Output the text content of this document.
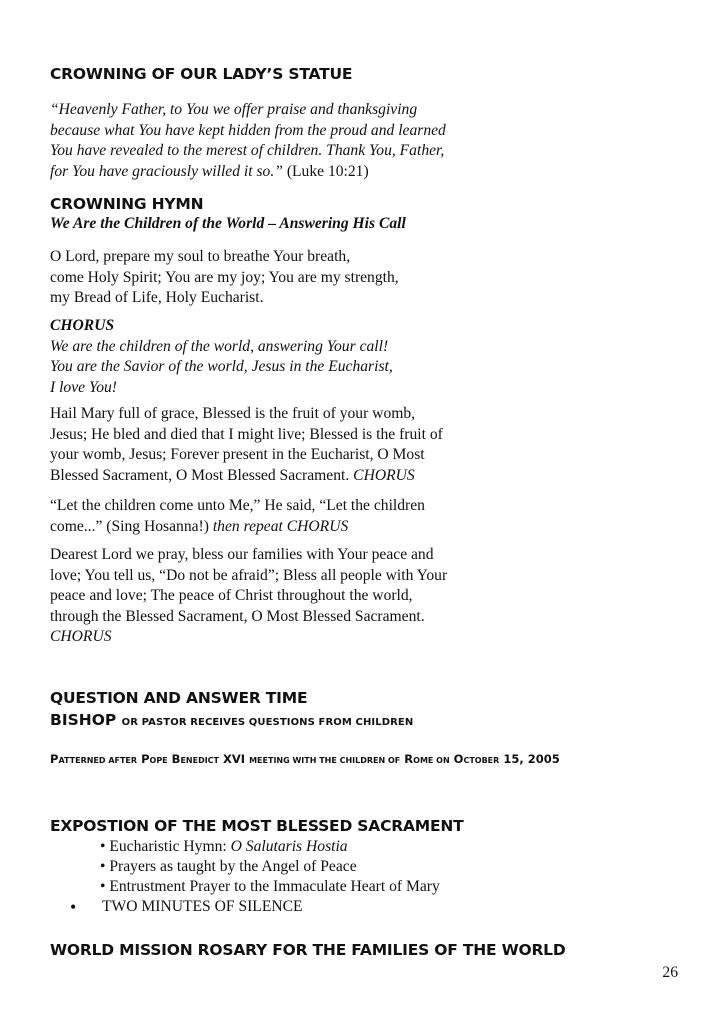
CROWNING OF OUR LADY’S STATUE

“Heavenly Father, to You we offer praise and thanksgiving

because what You have kept hidden from the proud and learned

You have revealed to the merest of children. Thank You, Father,

for You have graciously willed it so.” (Luke 10:21)

CROWNING HYMN

We Are the Children of the World – Answering His Call

O Lord, prepare my soul to breathe Your breath,

come Holy Spirit; You are my joy; You are my strength,

my Bread of Life, Holy Eucharist.

CHORUS

We are the children of the world, answering Your call!

You are the Savior of the world, Jesus in the Eucharist,

I love You!

Hail Mary full of grace, Blessed is the fruit of your womb,

Jesus; He bled and died that I might live; Blessed is the fruit of

your womb, Jesus; Forever present in the Eucharist, O Most

Blessed Sacrament, O Most Blessed Sacrament. CHORUS

“Let the children come unto Me,” He said, “Let the children

come...” (Sing Hosanna!) then repeat CHORUS

Dearest Lord we pray, bless our families with Your peace and

love; You tell us, “Do not be afraid”; Bless all people with Your

peace and love; The peace of Christ throughout the world,

through the Blessed Sacrament, O Most Blessed Sacrament.

CHORUS

QUESTION AND ANSWER TIME

BISHOP OR PASTOR RECEIVES QUESTIONS FROM CHILDREN

PATTERNED AFTER POPE BENEDICT XVI MEETING WITH THE CHILDREN OF ROME ON OCTOBER 15, 2005

EXPOSTION OF THE MOST BLESSED SACRAMENT
• Eucharistic Hymn: O Salutaris Hostia
• Prayers as taught by the Angel of Peace
• Entrustment Prayer to the Immaculate Heart of Mary
• TWO MINUTES OF SILENCE
WORLD MISSION ROSARY FOR THE FAMILIES OF THE WORLD
26
